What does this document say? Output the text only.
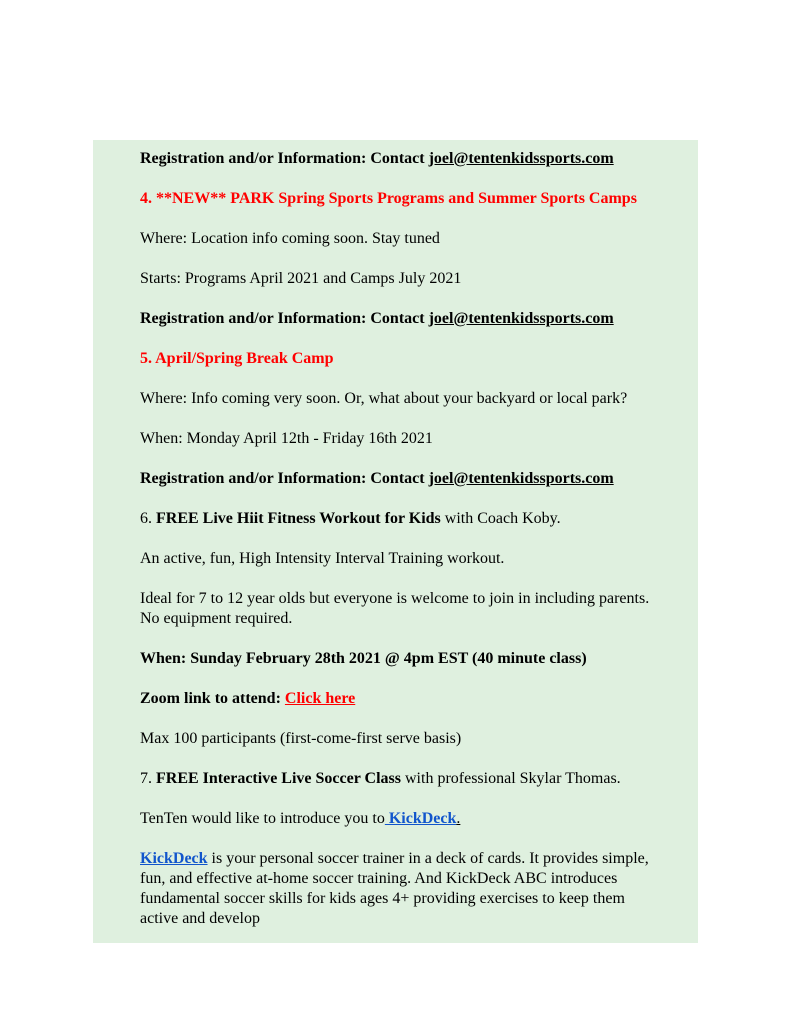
Registration and/or Information: Contact joel@tentenkidssports.com

4. **NEW** PARK Spring Sports Programs and Summer Sports Camps

Where: Location info coming soon. Stay tuned

Starts: Programs April 2021 and Camps July 2021

Registration and/or Information: Contact joel@tentenkidssports.com

5. April/Spring Break Camp

Where: Info coming very soon. Or, what about your backyard or local park?

When: Monday April 12th - Friday 16th 2021

Registration and/or Information: Contact joel@tentenkidssports.com

6. FREE Live Hiit Fitness Workout for Kids with Coach Koby.

An active, fun, High Intensity Interval Training workout.

Ideal for 7 to 12 year olds but everyone is welcome to join in including parents. No equipment required.

When: Sunday February 28th 2021 @ 4pm EST (40 minute class)

Zoom link to attend: Click here

Max 100 participants (first-come-first serve basis)

7. FREE Interactive Live Soccer Class with professional Skylar Thomas.

TenTen would like to introduce you to KickDeck.

KickDeck is your personal soccer trainer in a deck of cards. It provides simple, fun, and effective at-home soccer training. And KickDeck ABC introduces fundamental soccer skills for kids ages 4+ providing exercises to keep them active and develop
